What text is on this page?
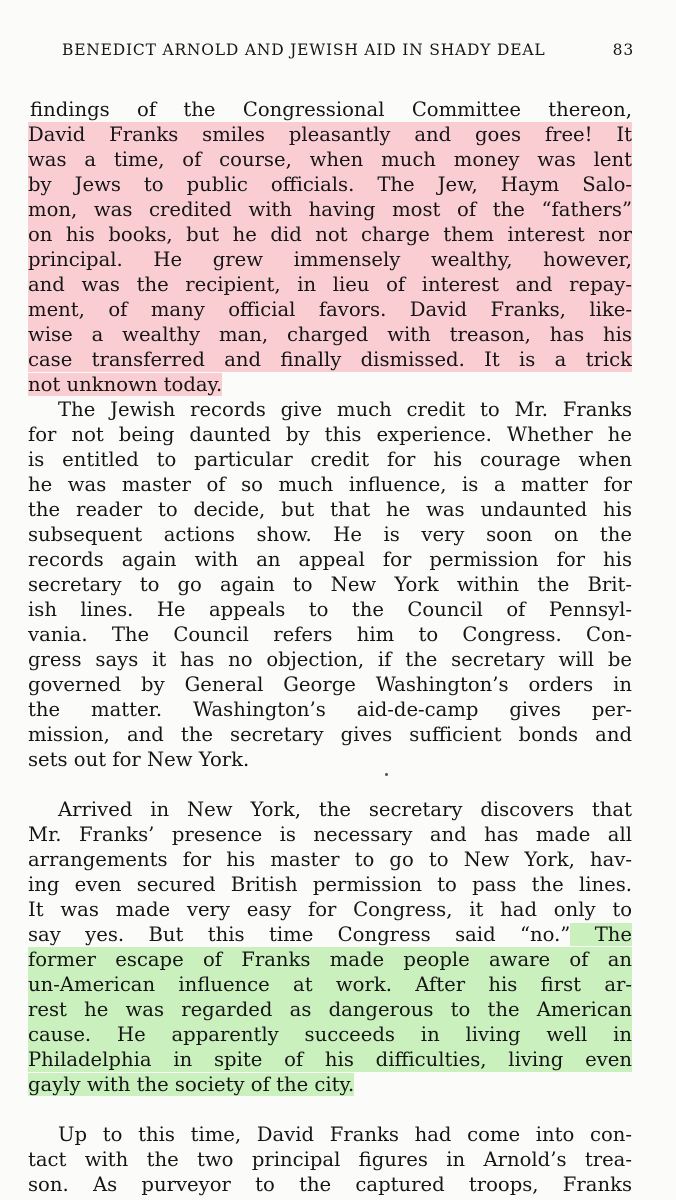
BENEDICT ARNOLD AND JEWISH AID IN SHADY DEAL	83

findings of the Congressional Committee thereon,
David Franks smiles pleasantly and goes free! It
was a time, of course, when much money was lent
by Jews to public officials. The Jew, Haym Salo-
mon, was credited with having most of the “fathers”
on his books, but he did not charge them interest nor
principal. He grew immensely wealthy, however,
and was the recipient, in lieu of interest and repay-
ment, of many official favors. David Franks, like-
wise a wealthy man, charged with treason, has his
case transferred and finally dismissed. It is a trick
not unknown today.

The Jewish records give much credit to Mr. Franks
for not being daunted by this experience. Whether he
is entitled to particular credit for his courage when
he was master of so much influence, is a matter for
the reader to decide, but that he was undaunted his
subsequent actions show. He is very soon on the
records again with an appeal for permission for his
secretary to go again to New York within the Brit-
ish lines. He appeals to the Council of Pennsyl-
vania. The Council refers him to Congress. Con-
gress says it has no objection, if the secretary will be
governed by General George Washington’s orders in
the matter. Washington’s aid-de-camp gives per-
mission, and the secretary gives sufficient bonds and
sets out for New York.

Arrived in New York, the secretary discovers that
Mr. Franks’ presence is necessary and has made all
arrangements for his master to go to New York, hav-
ing even secured British permission to pass the lines.
It was made very easy for Congress, it had only to
say yes. But this time Congress said “no.” The
former escape of Franks made people aware of an
un-American influence at work. After his first ar-
rest he was regarded as dangerous to the American
cause. He apparently succeeds in living well in
Philadelphia in spite of his difficulties, living even
gayly with the society of the city.

Up to this time, David Franks had come into con-
tact with the two principal figures in Arnold’s trea-
son. As purveyor to the captured troops, Franks
